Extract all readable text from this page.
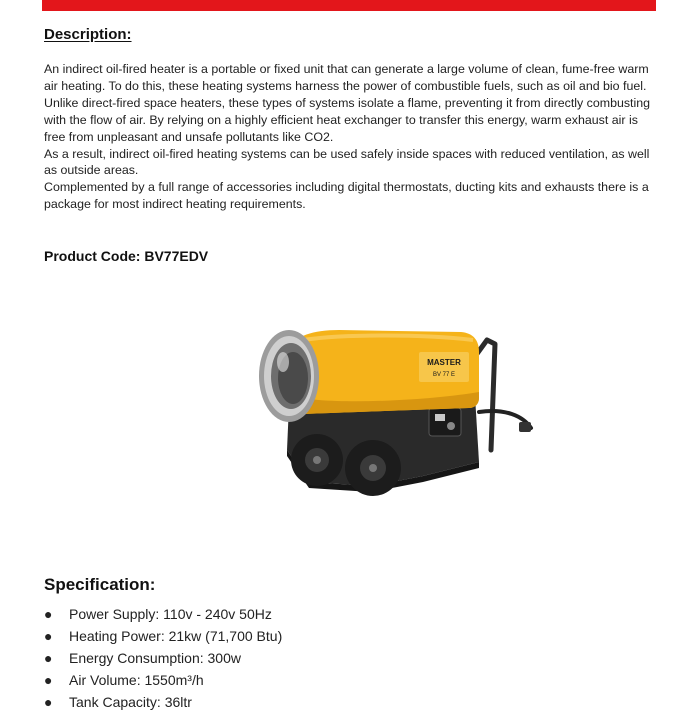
Description:

An indirect oil-fired heater is a portable or fixed unit that can generate a large volume of clean, fume-free warm air heating. To do this, these heating systems harness the power of combustible fuels, such as oil and bio fuel.

Unlike direct-fired space heaters, these types of systems isolate a flame, preventing it from directly combusting with the flow of air. By relying on a highly efficient heat exchanger to transfer this energy, warm exhaust air is free from unpleasant and unsafe pollutants like CO2.

As a result, indirect oil-fired heating systems can be used safely inside spaces with reduced ventilation, as well as outside areas.

Complemented by a full range of accessories including digital thermostats, ducting kits and exhausts there is a package for most indirect heating requirements.

Product Code: BV77EDV
MASTER
BV 77 E
Specification:
● Power Supply: 110v - 240v 50Hz
● Heating Power: 21kw (71,700 Btu)
● Energy Consumption: 300w
● Air Volume: 1550m³/h
● Tank Capacity: 36ltr
